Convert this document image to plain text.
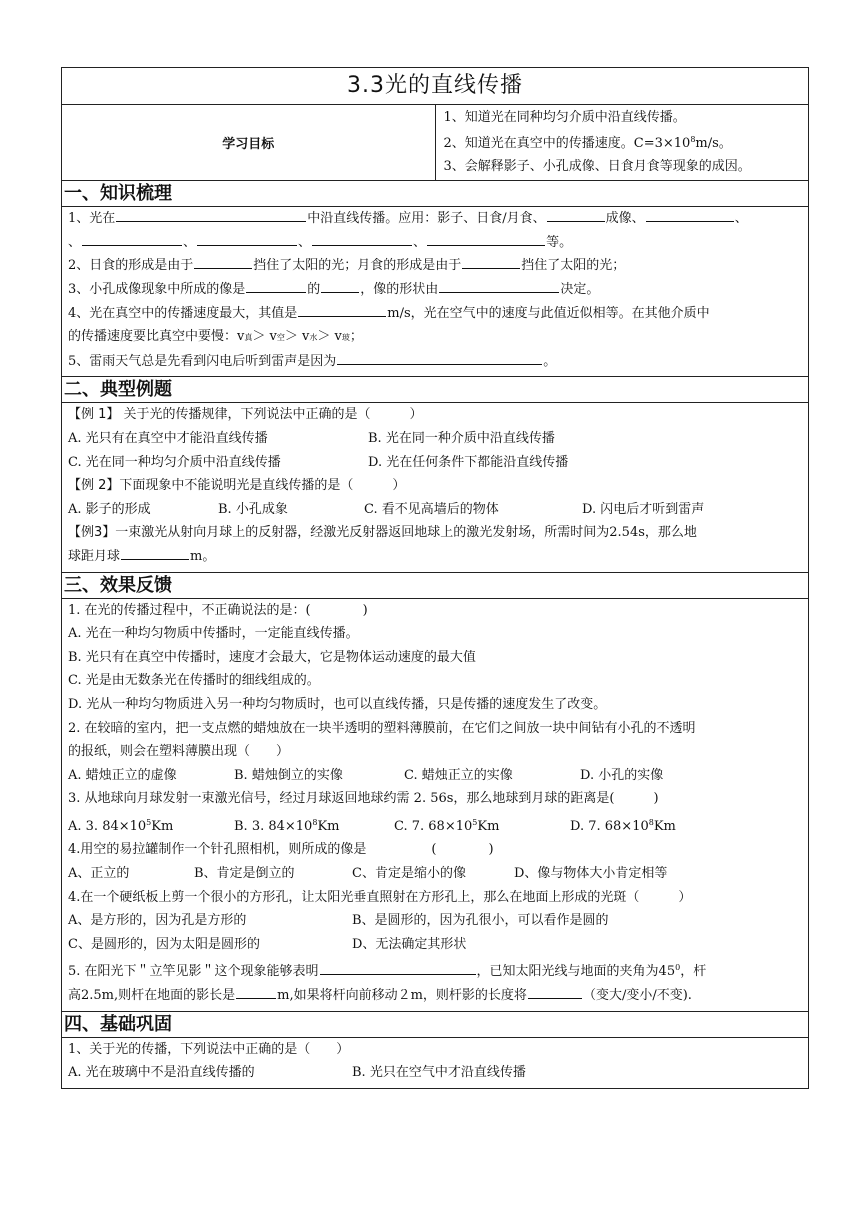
3.3光的直线传播
学习目标	
1、知道光在同种均匀介质中沿直线传播。
2、知道光在真空中的传播速度。$C=3\times 10^8m/s$。
3、会解释影子、小孔成像、日食月食等现象的成因。

一、知识梳理
1、光在	中沿直线传播。应用：影子、日食/月食、	成像、	、
、	、	、	、	等。
2、日食的形成是由于	挡住了太阳的光；月食的形成是由于	挡住了太阳的光；
3、小孔成像现象中所成的像是	的	，像的形状由	决定。
4、光在真空中的传播速度最大，其值是	m/s，光在空气中的速度与此值近似相等。在其他介质中
的传播速度要比真空中要慢：v真＞ v空＞ v水＞ v玻；
5、雷雨天气总是先看到闪电后听到雷声是因为	。

二、典型例题
【例 1】 关于光的传播规律，下列说法中正确的是（　　　）
A. 光只有在真空中才能沿直线传播	B. 光在同一种介质中沿直线传播
C. 光在同一种均匀介质中沿直线传播	D. 光在任何条件下都能沿直线传播
【例 2】下面现象中不能说明光是直线传播的是（　　　）
A. 影子的形成	B. 小孔成象	C. 看不见高墙后的物体	D. 闪电后才听到雷声
【例3】一束激光从射向月球上的反射器，经激光反射器返回地球上的激光发射场，所需时间为2.54s，那么地
球距月球	m。

三、效果反馈
1. 在光的传播过程中，不正确说法的是：(　　　　)
A. 光在一种均匀物质中传播时，一定能直线传播。
B. 光只有在真空中传播时，速度才会最大，它是物体运动速度的最大值
C. 光是由无数条光在传播时的细线组成的。
D. 光从一种均匀物质进入另一种均匀物质时，也可以直线传播，只是传播的速度发生了改变。
2. 在较暗的室内，把一支点燃的蜡烛放在一块半透明的塑料薄膜前，在它们之间放一块中间钻有小孔的不透明
的报纸，则会在塑料薄膜出现（　　）
A. 蜡烛正立的虚像	B. 蜡烛倒立的实像	C. 蜡烛正立的实像	D. 小孔的实像
3. 从地球向月球发射一束激光信号，经过月球返回地球约需 2. 56s，那么地球到月球的距离是(　　　)
A. 3. 84×105Km	B. 3. 84×108Km	C. 7. 68×105Km	D. 7. 68×108Km
4.用空的易拉罐制作一个针孔照相机，则所成的像是　　　　　(　　　　)
A、正立的	B、肯定是倒立的	C、肯定是缩小的像	D、像与物体大小肯定相等
4.在一个硬纸板上剪一个很小的方形孔，让太阳光垂直照射在方形孔上，那么在地面上形成的光斑（　　　）
A、是方形的，因为孔是方形的	B、是圆形的，因为孔很小，可以看作是圆的
C、是圆形的，因为太阳是圆形的	D、无法确定其形状
5. 在阳光下＂立竿见影＂这个现象能够表明	，已知太阳光线与地面的夹角为$45^0$，杆
高2.5m,则杆在地面的影长是	m,如果将杆向前移动２m，则杆影的长度将	（变大/变小/不变).

四、基础巩固
1、关于光的传播，下列说法中正确的是（　　）
A. 光在玻璃中不是沿直线传播的	B. 光只在空气中才沿直线传播
